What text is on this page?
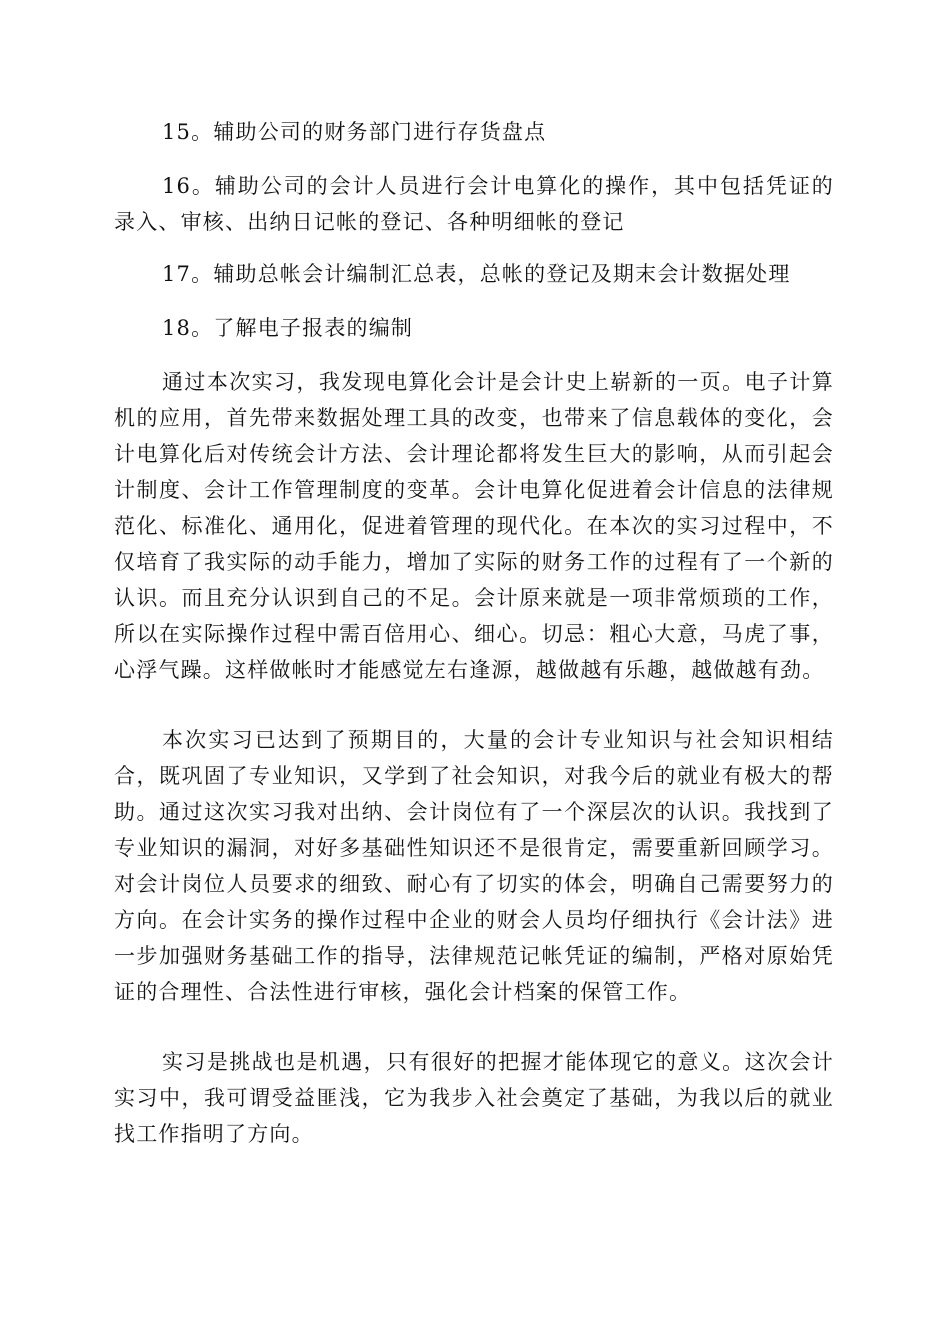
15。辅助公司的财务部门进行存货盘点

16。辅助公司的会计人员进行会计电算化的操作，其中包括凭证的录入、审核、出纳日记帐的登记、各种明细帐的登记

17。辅助总帐会计编制汇总表，总帐的登记及期末会计数据处理

18。了解电子报表的编制

通过本次实习，我发现电算化会计是会计史上崭新的一页。电子计算机的应用，首先带来数据处理工具的改变，也带来了信息载体的变化，会计电算化后对传统会计方法、会计理论都将发生巨大的影响，从而引起会计制度、会计工作管理制度的变革。会计电算化促进着会计信息的法律规范化、标准化、通用化，促进着管理的现代化。在本次的实习过程中，不仅培育了我实际的动手能力，增加了实际的财务工作的过程有了一个新的认识。而且充分认识到自己的不足。会计原来就是一项非常烦琐的工作，所以在实际操作过程中需百倍用心、细心。切忌：粗心大意，马虎了事，心浮气躁。这样做帐时才能感觉左右逢源，越做越有乐趣，越做越有劲。

本次实习已达到了预期目的，大量的会计专业知识与社会知识相结合，既巩固了专业知识，又学到了社会知识，对我今后的就业有极大的帮助。通过这次实习我对出纳、会计岗位有了一个深层次的认识。我找到了专业知识的漏洞，对好多基础性知识还不是很肯定，需要重新回顾学习。对会计岗位人员要求的细致、耐心有了切实的体会，明确自己需要努力的方向。在会计实务的操作过程中企业的财会人员均仔细执行《会计法》进一步加强财务基础工作的指导，法律规范记帐凭证的编制，严格对原始凭证的合理性、合法性进行审核，强化会计档案的保管工作。

实习是挑战也是机遇，只有很好的把握才能体现它的意义。这次会计实习中，我可谓受益匪浅，它为我步入社会奠定了基础，为我以后的就业找工作指明了方向。
